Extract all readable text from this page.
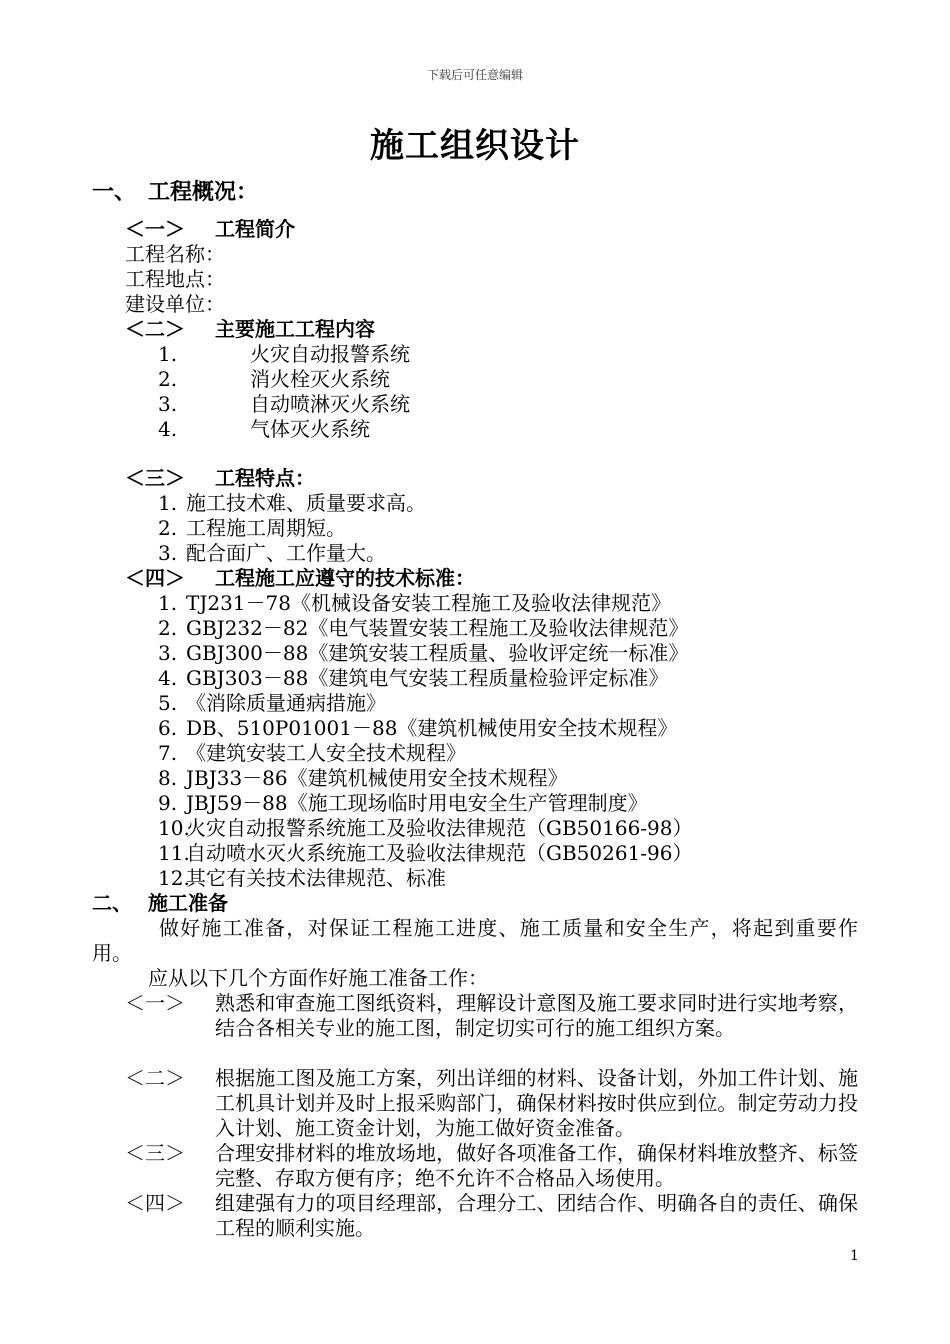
下载后可任意编辑
施工组织设计
一、 工程概况：
＜一＞ 工程简介
工程名称：
工程地点：
建设单位：
＜二＞ 主要施工工程内容
1.	火灾自动报警系统
2.	消火栓灭火系统
3.	自动喷淋灭火系统
4.	气体灭火系统
＜三＞ 工程特点：
1. 施工技术难、质量要求高。
2. 工程施工周期短。
3. 配合面广、工作量大。
＜四＞ 工程施工应遵守的技术标准：
1. TJ231－78《机械设备安装工程施工及验收法律规范》
2. GBJ232－82《电气装置安装工程施工及验收法律规范》
3. GBJ300－88《建筑安装工程质量、验收评定统一标准》
4. GBJ303－88《建筑电气安装工程质量检验评定标准》
5. 《消除质量通病措施》
6. DB、510P01001－88《建筑机械使用安全技术规程》
7. 《建筑安装工人安全技术规程》
8. JBJ33－86《建筑机械使用安全技术规程》
9. JBJ59－88《施工现场临时用电安全生产管理制度》
10.火灾自动报警系统施工及验收法律规范（GB50166-98）
11.自动喷水灭火系统施工及验收法律规范（GB50261-96）
12.其它有关技术法律规范、标准
二、 施工准备
做好施工准备，对保证工程施工进度、施工质量和安全生产，将起到重要作用。
应从以下几个方面作好施工准备工作：
＜一＞ 熟悉和审查施工图纸资料，理解设计意图及施工要求同时进行实地考察，结合各相关专业的施工图，制定切实可行的施工组织方案。
＜二＞ 根据施工图及施工方案，列出详细的材料、设备计划，外加工件计划、施工机具计划并及时上报采购部门，确保材料按时供应到位。制定劳动力投入计划、施工资金计划，为施工做好资金准备。
＜三＞ 合理安排材料的堆放场地，做好各项准备工作，确保材料堆放整齐、标签完整、存取方便有序；绝不允许不合格品入场使用。
＜四＞ 组建强有力的项目经理部，合理分工、团结合作、明确各自的责任、确保工程的顺利实施。
1
